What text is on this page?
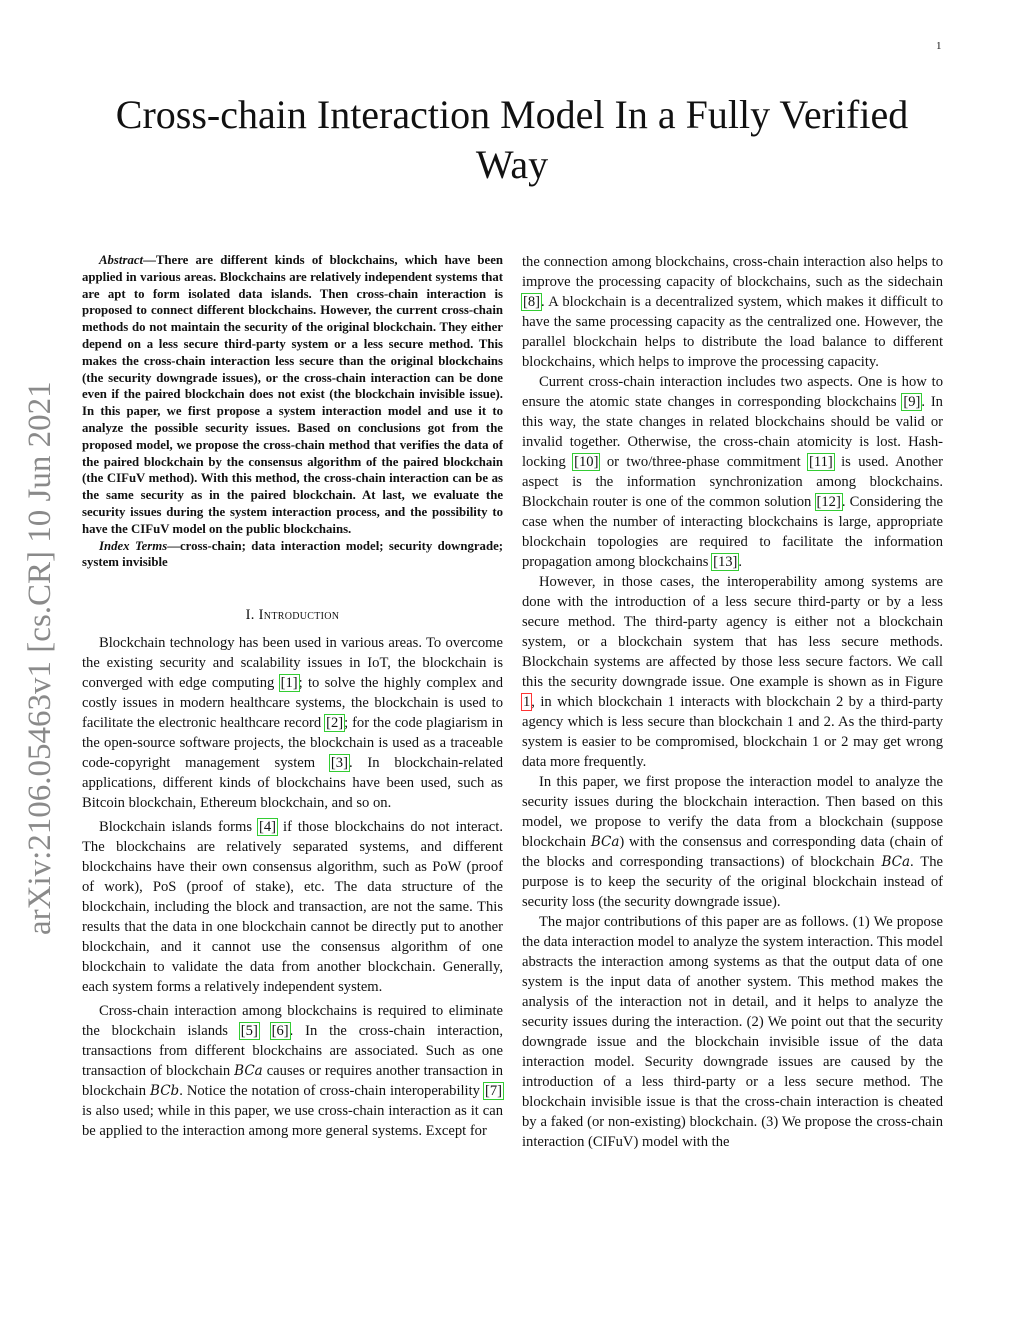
1
arXiv:2106.05463v1 [cs.CR] 10 Jun 2021
Cross-chain Interaction Model In a Fully Verified Way

Abstract—There are different kinds of blockchains, which have been applied in various areas. Blockchains are relatively independent systems that are apt to form isolated data islands. Then cross-chain interaction is proposed to connect different blockchains. However, the current cross-chain methods do not maintain the security of the original blockchain. They either depend on a less secure third-party system or a less secure method. This makes the cross-chain interaction less secure than the original blockchains (the security downgrade issues), or the cross-chain interaction can be done even if the paired blockchain does not exist (the blockchain invisible issue). In this paper, we first propose a system interaction model and use it to analyze the possible security issues. Based on conclusions got from the proposed model, we propose the cross-chain method that verifies the data of the paired blockchain by the consensus algorithm of the paired blockchain (the CIFuV method). With this method, the cross-chain interaction can be as the same security as in the paired blockchain. At last, we evaluate the security issues during the system interaction process, and the possibility to have the CIFuV model on the public blockchains.

Index Terms—cross-chain; data interaction model; security downgrade; system invisible

I. Introduction

Blockchain technology has been used in various areas. To overcome the existing security and scalability issues in IoT, the blockchain is converged with edge computing [1]; to solve the highly complex and costly issues in modern healthcare systems, the blockchain is used to facilitate the electronic healthcare record [2]; for the code plagiarism in the open-source software projects, the blockchain is used as a traceable code-copyright management system [3]. In blockchain-related applications, different kinds of blockchains have been used, such as Bitcoin blockchain, Ethereum blockchain, and so on.

Blockchain islands forms [4] if those blockchains do not interact. The blockchains are relatively separated systems, and different blockchains have their own consensus algorithm, such as PoW (proof of work), PoS (proof of stake), etc. The data structure of the blockchain, including the block and transaction, are not the same. This results that the data in one blockchain cannot be directly put to another blockchain, and it cannot use the consensus algorithm of one blockchain to validate the data from another blockchain. Generally, each system forms a relatively independent system.

Cross-chain interaction among blockchains is required to eliminate the blockchain islands [5] [6]. In the cross-chain interaction, transactions from different blockchains are associated. Such as one transaction of blockchain BCa causes or requires another transaction in blockchain BCb. Notice the notation of cross-chain interoperability [7] is also used; while in this paper, we use cross-chain interaction as it can be applied to the interaction among more general systems. Except for

the connection among blockchains, cross-chain interaction also helps to improve the processing capacity of blockchains, such as the sidechain [8]. A blockchain is a decentralized system, which makes it difficult to have the same processing capacity as the centralized one. However, the parallel blockchain helps to distribute the load balance to different blockchains, which helps to improve the processing capacity.

Current cross-chain interaction includes two aspects. One is how to ensure the atomic state changes in corresponding blockchains [9]. In this way, the state changes in related blockchains should be valid or invalid together. Otherwise, the cross-chain atomicity is lost. Hash-locking [10] or two/three-phase commitment [11] is used. Another aspect is the information synchronization among blockchains. Blockchain router is one of the common solution [12]. Considering the case when the number of interacting blockchains is large, appropriate blockchain topologies are required to facilitate the information propagation among blockchains [13].

However, in those cases, the interoperability among systems are done with the introduction of a less secure third-party or by a less secure method. The third-party agency is either not a blockchain system, or a blockchain system that has less secure methods. Blockchain systems are affected by those less secure factors. We call this the security downgrade issue. One example is shown as in Figure 1, in which blockchain 1 interacts with blockchain 2 by a third-party agency which is less secure than blockchain 1 and 2. As the third-party system is easier to be compromised, blockchain 1 or 2 may get wrong data more frequently.

In this paper, we first propose the interaction model to analyze the security issues during the blockchain interaction. Then based on this model, we propose to verify the data from a blockchain (suppose blockchain BCa) with the consensus and corresponding data (chain of the blocks and corresponding transactions) of blockchain BCa. The purpose is to keep the security of the original blockchain instead of security loss (the security downgrade issue).

The major contributions of this paper are as follows. (1) We propose the data interaction model to analyze the system interaction. This model abstracts the interaction among systems as that the output data of one system is the input data of another system. This method makes the analysis of the interaction not in detail, and it helps to analyze the security issues during the interaction. (2) We point out that the security downgrade issue and the blockchain invisible issue of the data interaction model. Security downgrade issues are caused by the introduction of a less third-party or a less secure method. The blockchain invisible issue is that the cross-chain interaction is cheated by a faked (or non-existing) blockchain. (3) We propose the cross-chain interaction (CIFuV) model with the
